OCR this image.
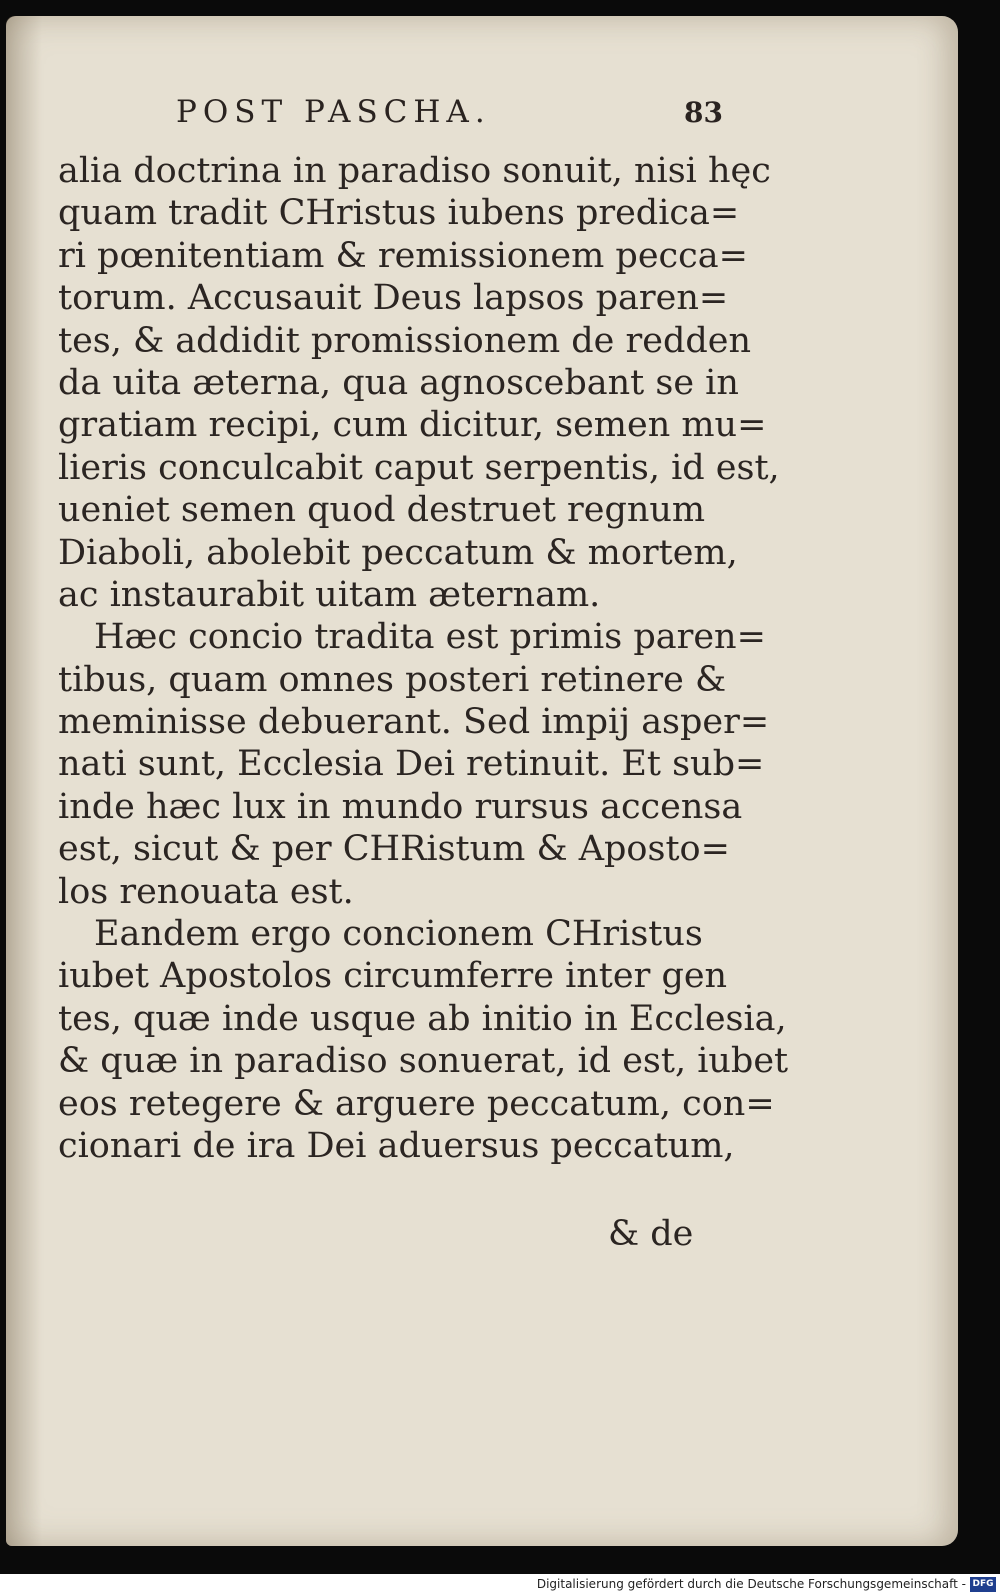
POST PASCHA.	83
alia doctrina in paradiso sonuit, nisi hęc
quam tradit CHristus iubens predica=
ri pœnitentiam & remissionem pecca=
torum. Accusauit Deus lapsos paren=
tes, & addidit promissionem de redden
da uita æterna, qua agnoscebant se in
gratiam recipi, cum dicitur, semen mu=
lieris conculcabit caput serpentis, id est,
ueniet semen quod destruet regnum
Diaboli, abolebit peccatum & mortem,
ac instaurabit uitam æternam.
Hæc concio tradita est primis paren=
tibus, quam omnes posteri retinere &
meminisse debuerant. Sed impij asper=
nati sunt, Ecclesia Dei retinuit. Et sub=
inde hæc lux in mundo rursus accensa
est, sicut & per CHRistum & Aposto=
los renouata est.
Eandem ergo concionem CHristus
iubet Apostolos circumferre inter gen
tes, quæ inde usque ab initio in Ecclesia,
& quæ in paradiso sonuerat, id est, iubet
eos retegere & arguere peccatum, con=
cionari de ira Dei aduersus peccatum,
& de
Digitalisierung gefördert durch die Deutsche Forschungsgemeinschaft - DFG
